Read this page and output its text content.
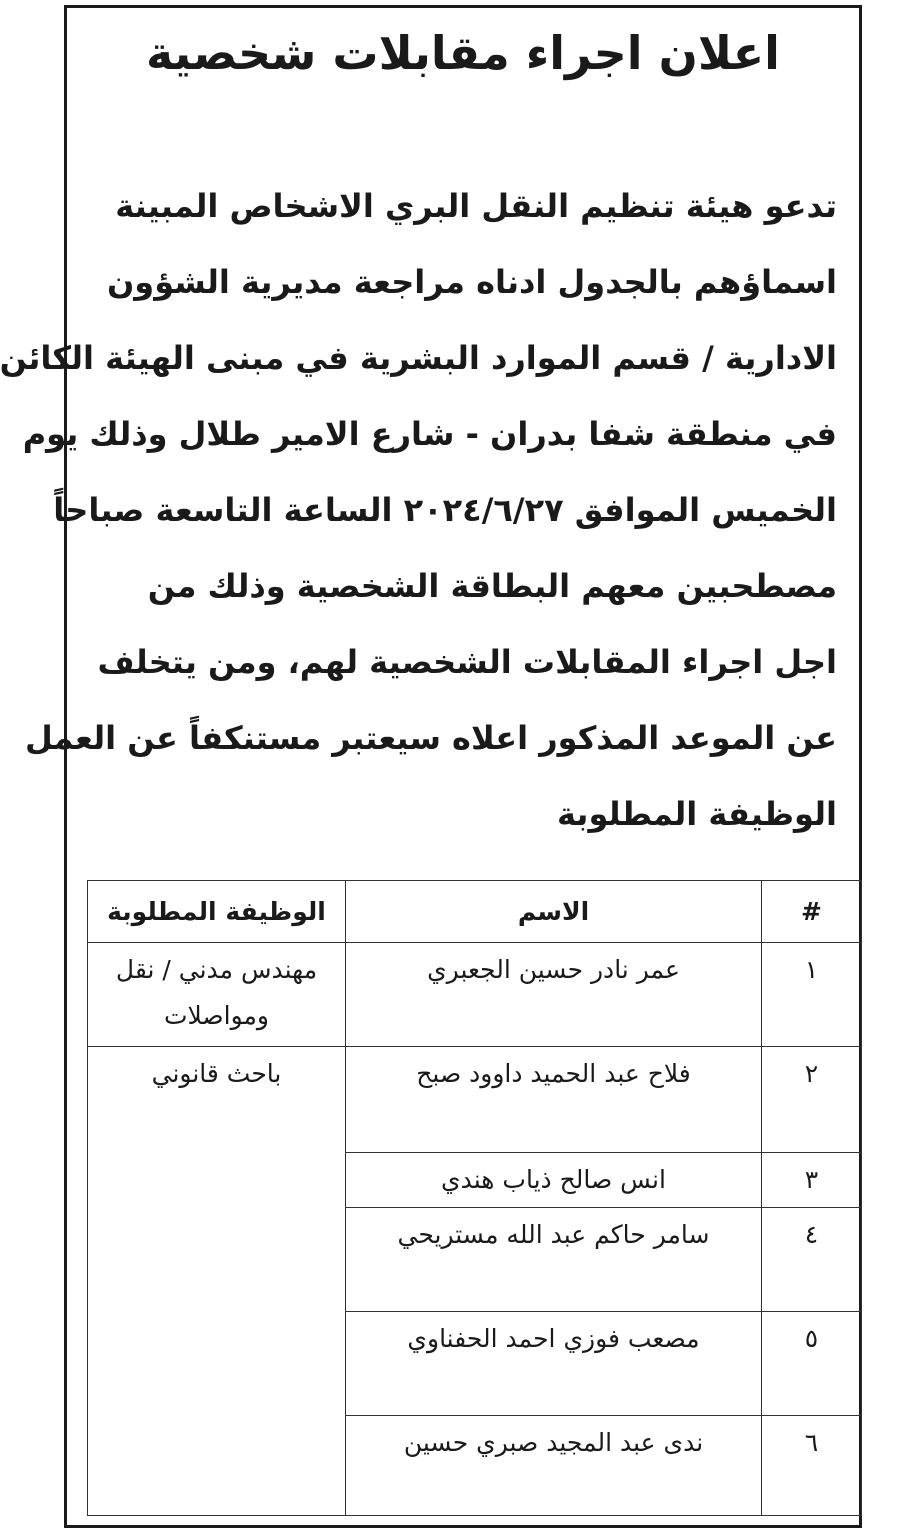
اعلان اجراء مقابلات شخصية

تدعو هيئة تنظيم النقل البري الاشخاص المبينة
اسماؤهم بالجدول ادناه مراجعة مديرية الشؤون
الادارية / قسم الموارد البشرية في مبنى الهيئة الكائن
في منطقة شفا بدران - شارع الامير طلال وذلك يوم
الخميس الموافق ٢٠٢٤/٦/٢٧ الساعة التاسعة صباحاً
مصطحبين معهم البطاقة الشخصية وذلك من
اجل اجراء المقابلات الشخصية لهم، ومن يتخلف
عن الموعد المذكور اعلاه سيعتبر مستنكفاً عن العمل
الوظيفة المطلوبة

#	الاسم	الوظيفة المطلوبة
١	عمر نادر حسين الجعبري	مهندس مدني / نقل ومواصلات
٢	فلاح عبد الحميد داوود صبح	باحث قانوني
٣	انس صالح ذياب هندي	
٤	سامر حاكم عبد الله مستريحي	
٥	مصعب فوزي احمد الحفناوي	
٦	ندى عبد المجيد صبري حسين	
